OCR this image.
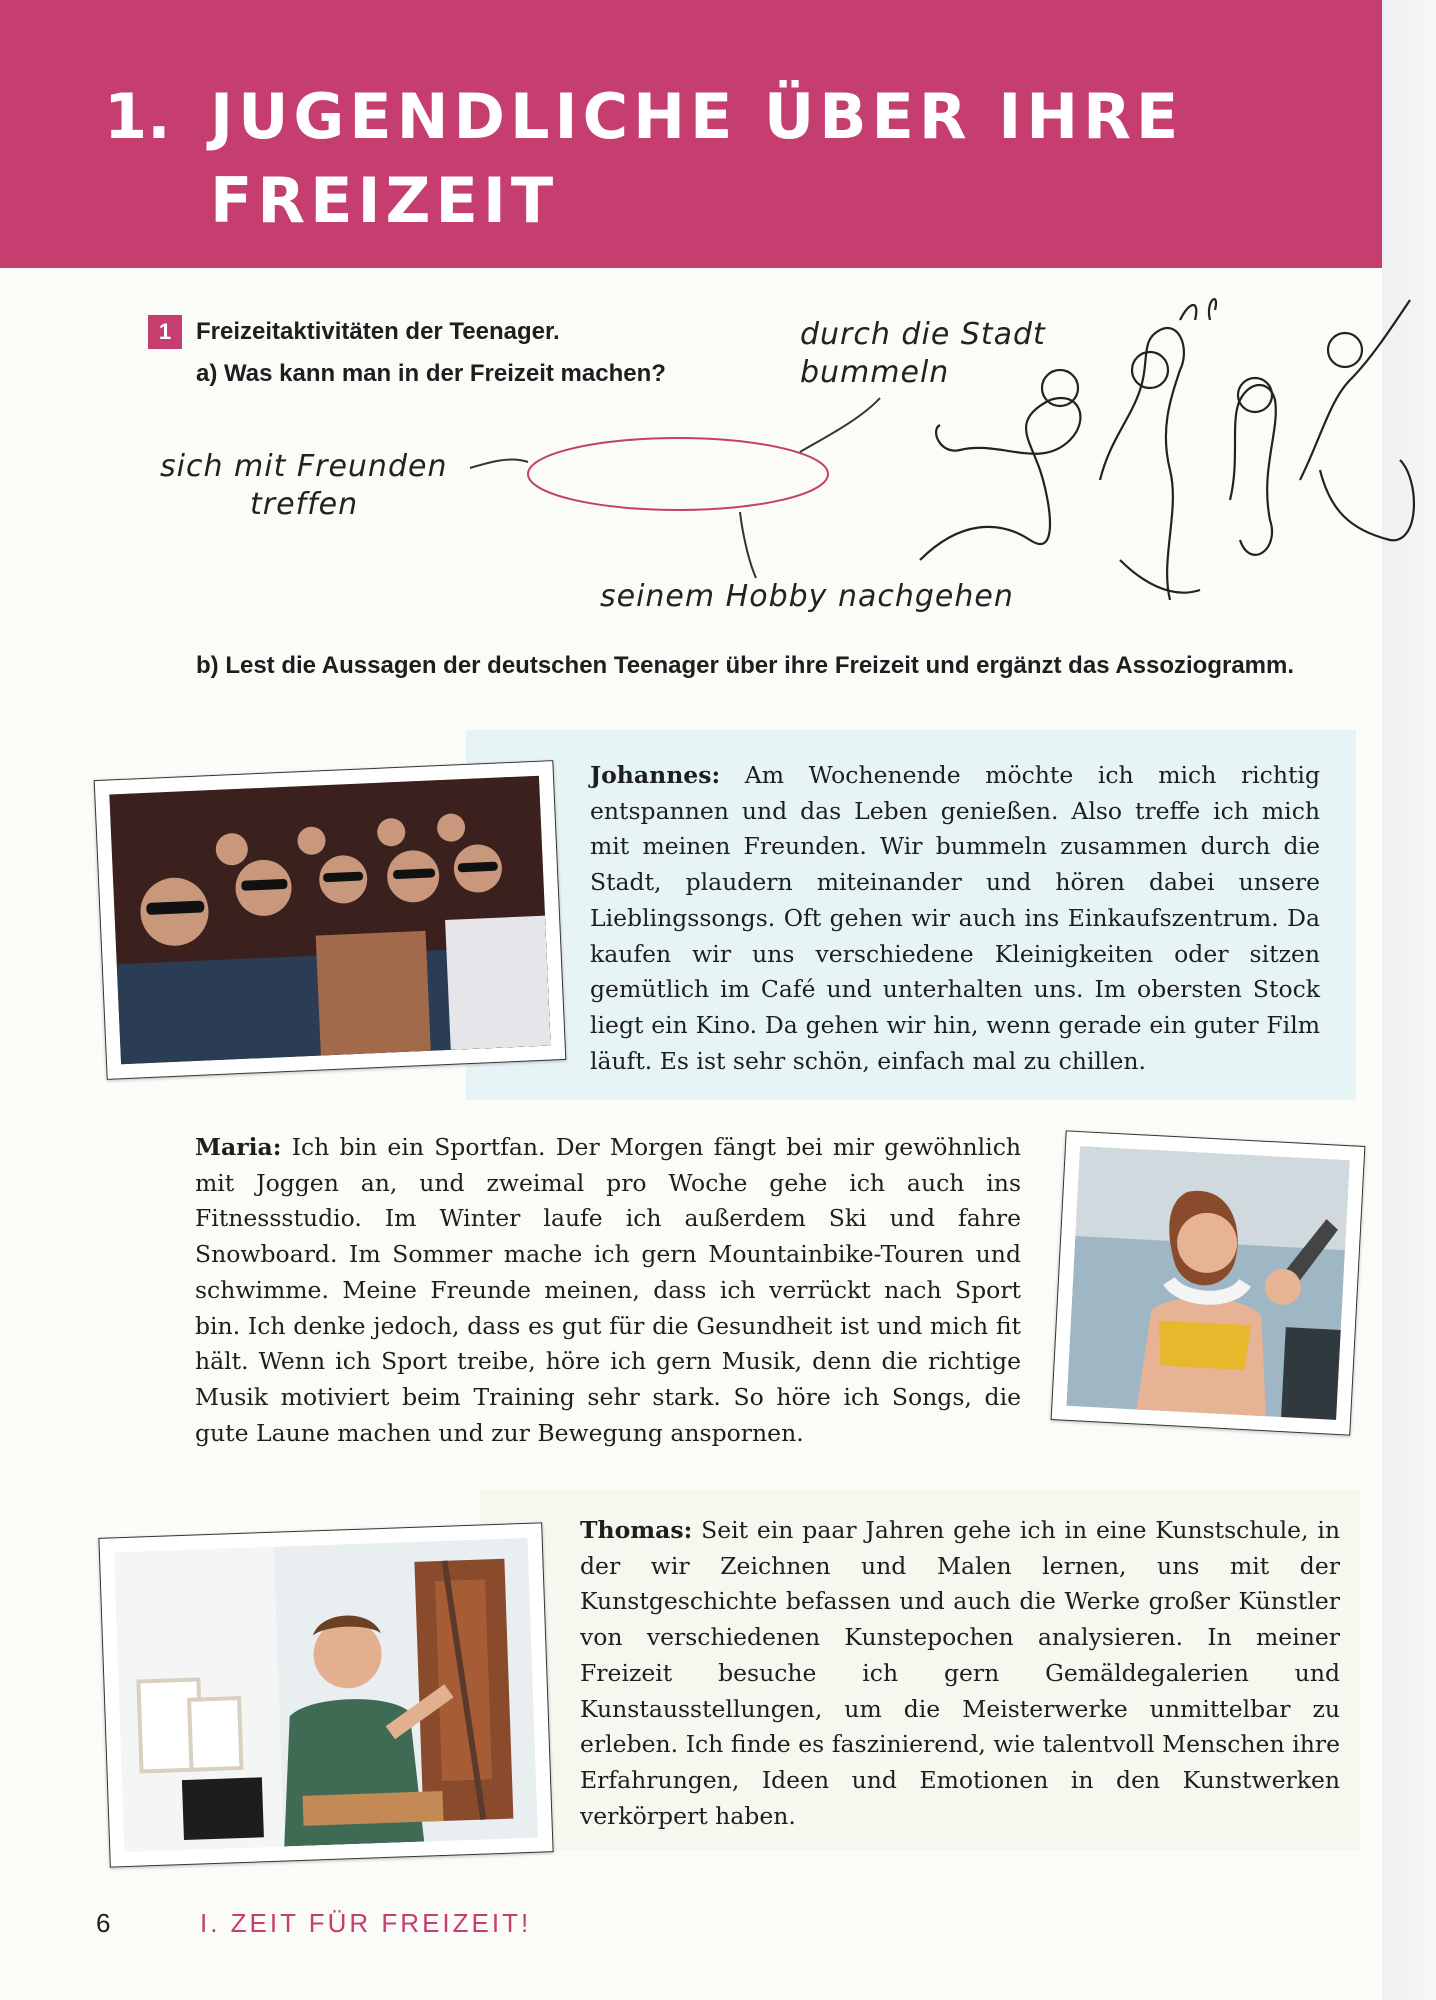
1. JUGENDLICHE ÜBER IHRE
FREIZEIT
1	Freizeitaktivitäten der Teenager.
a) Was kann man in der Freizeit machen?
durch die Stadt
bummeln
sich mit Freunden
treffen
seinem Hobby nachgehen
b) Lest die Aussagen der deutschen Teenager über ihre Freizeit und ergänzt das Assoziogramm.
Johannes: Am Wochenende möchte ich mich richtig entspannen und das Leben genießen. Also treffe ich mich mit meinen Freunden. Wir bummeln zusammen durch die Stadt, plaudern miteinander und hören dabei unsere Lieblingssongs. Oft gehen wir auch ins Einkaufszentrum. Da kaufen wir uns verschiedene Kleinigkeiten oder sitzen gemütlich im Café und unterhalten uns. Im obersten Stock liegt ein Kino. Da gehen wir hin, wenn gerade ein guter Film läuft. Es ist sehr schön, einfach mal zu chillen.
Maria: Ich bin ein Sportfan. Der Morgen fängt bei mir gewöhnlich mit Joggen an, und zweimal pro Woche gehe ich auch ins Fitnessstudio. Im Winter laufe ich außerdem Ski und fahre Snowboard. Im Sommer mache ich gern Mountainbike-Touren und schwimme. Meine Freunde meinen, dass ich verrückt nach Sport bin. Ich denke jedoch, dass es gut für die Gesundheit ist und mich fit hält. Wenn ich Sport treibe, höre ich gern Musik, denn die richtige Musik motiviert beim Training sehr stark. So höre ich Songs, die gute Laune machen und zur Bewegung anspornen.
Thomas: Seit ein paar Jahren gehe ich in eine Kunstschule, in der wir Zeichnen und Malen lernen, uns mit der Kunstgeschichte befassen und auch die Werke großer Künstler von verschiedenen Kunstepochen analysieren. In meiner Freizeit besuche ich gern Gemäldegalerien und Kunstausstellungen, um die Meisterwerke unmittelbar zu erleben. Ich finde es faszinierend, wie talentvoll Menschen ihre Erfahrungen, Ideen und Emotionen in den Kunstwerken verkörpert haben.
6	I. ZEIT FÜR FREIZEIT!
